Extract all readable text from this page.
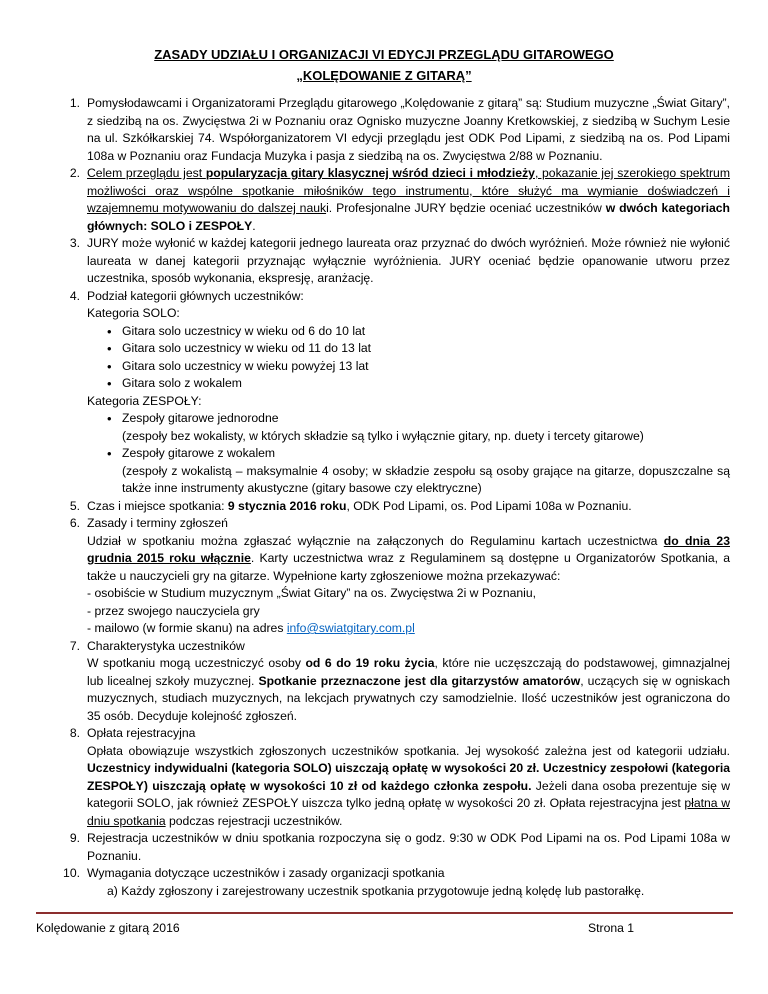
ZASADY UDZIAŁU I ORGANIZACJI VI EDYCJI PRZEGLĄDU GITAROWEGO
„KOLĘDOWANIE Z GITARĄ”
1. Pomysłodawcami i Organizatorami Przeglądu gitarowego „Kolędowanie z gitarą” są: Studium muzyczne „Świat Gitary”, z siedzibą na os. Zwycięstwa 2i w Poznaniu oraz Ognisko muzyczne Joanny Kretkowskiej, z siedzibą w Suchym Lesie na ul. Szkółkarskiej 74. Współorganizatorem VI edycji przeglądu jest ODK Pod Lipami, z siedzibą na os. Pod Lipami 108a w Poznaniu oraz Fundacja Muzyka i pasja z siedzibą na os. Zwycięstwa 2/88 w Poznaniu.
2. Celem przeglądu jest popularyzacja gitary klasycznej wśród dzieci i młodzieży, pokazanie jej szerokiego spektrum możliwości oraz wspólne spotkanie miłośników tego instrumentu, które służyć ma wymianie doświadczeń i wzajemnemu motywowaniu do dalszej nauki. Profesjonalne JURY będzie oceniać uczestników w dwóch kategoriach głównych: SOLO i ZESPOŁY.
3. JURY może wyłonić w każdej kategorii jednego laureata oraz przyznać do dwóch wyróżnień. Może również nie wyłonić laureata w danej kategorii przyznając wyłącznie wyróżnienia. JURY oceniać będzie opanowanie utworu przez uczestnika, sposób wykonania, ekspresję, aranżację.
4. Podział kategorii głównych uczestników:
Kategoria SOLO:
• Gitara solo uczestnicy w wieku od 6 do 10 lat
• Gitara solo uczestnicy w wieku od 11 do 13 lat
• Gitara solo uczestnicy w wieku powyżej 13 lat
• Gitara solo z wokalem
Kategoria ZESPOŁY:
• Zespoły gitarowe jednorodne
(zespoły bez wokalisty, w których składzie są tylko i wyłącznie gitary, np. duety i tercety gitarowe)
• Zespoły gitarowe z wokalem
(zespoły z wokalistą – maksymalnie 4 osoby; w składzie zespołu są osoby grające na gitarze, dopuszczalne są także inne instrumenty akustyczne (gitary basowe czy elektryczne)
5. Czas i miejsce spotkania: 9 stycznia 2016 roku, ODK Pod Lipami, os. Pod Lipami 108a w Poznaniu.
6. Zasady i terminy zgłoszeń
Udział w spotkaniu można zgłaszać wyłącznie na załączonych do Regulaminu kartach uczestnictwa do dnia 23 grudnia 2015 roku włącznie. Karty uczestnictwa wraz z Regulaminem są dostępne u Organizatorów Spotkania, a także u nauczycieli gry na gitarze. Wypełnione karty zgłoszeniowe można przekazywać:
- osobiście w Studium muzycznym „Świat Gitary” na os. Zwycięstwa 2i w Poznaniu,
- przez swojego nauczyciela gry
- mailowo (w formie skanu) na adres info@swiatgitary.com.pl
7. Charakterystyka uczestników
W spotkaniu mogą uczestniczyć osoby od 6 do 19 roku życia, które nie uczęszczają do podstawowej, gimnazjalnej lub licealnej szkoły muzycznej. Spotkanie przeznaczone jest dla gitarzystów amatorów, uczących się w ogniskach muzycznych, studiach muzycznych, na lekcjach prywatnych czy samodzielnie. Ilość uczestników jest ograniczona do 35 osób. Decyduje kolejność zgłoszeń.
8. Opłata rejestracyjna
Opłata obowiązuje wszystkich zgłoszonych uczestników spotkania. Jej wysokość zależna jest od kategorii udziału. Uczestnicy indywidualni (kategoria SOLO) uiszczają opłatę w wysokości 20 zł. Uczestnicy zespołowi (kategoria ZESPOŁY) uiszczają opłatę w wysokości 10 zł od każdego członka zespołu. Jeżeli dana osoba prezentuje się w kategorii SOLO, jak również ZESPOŁY uiszcza tylko jedną opłatę w wysokości 20 zł. Opłata rejestracyjna jest płatna w dniu spotkania podczas rejestracji uczestników.
9. Rejestracja uczestników w dniu spotkania rozpoczyna się o godz. 9:30 w ODK Pod Lipami na os. Pod Lipami 108a w Poznaniu.
10. Wymagania dotyczące uczestników i zasady organizacji spotkania
a) Każdy zgłoszony i zarejestrowany uczestnik spotkania przygotowuje jedną kolędę lub pastorałkę.
Kolędowanie z gitarą 2016	Strona 1
